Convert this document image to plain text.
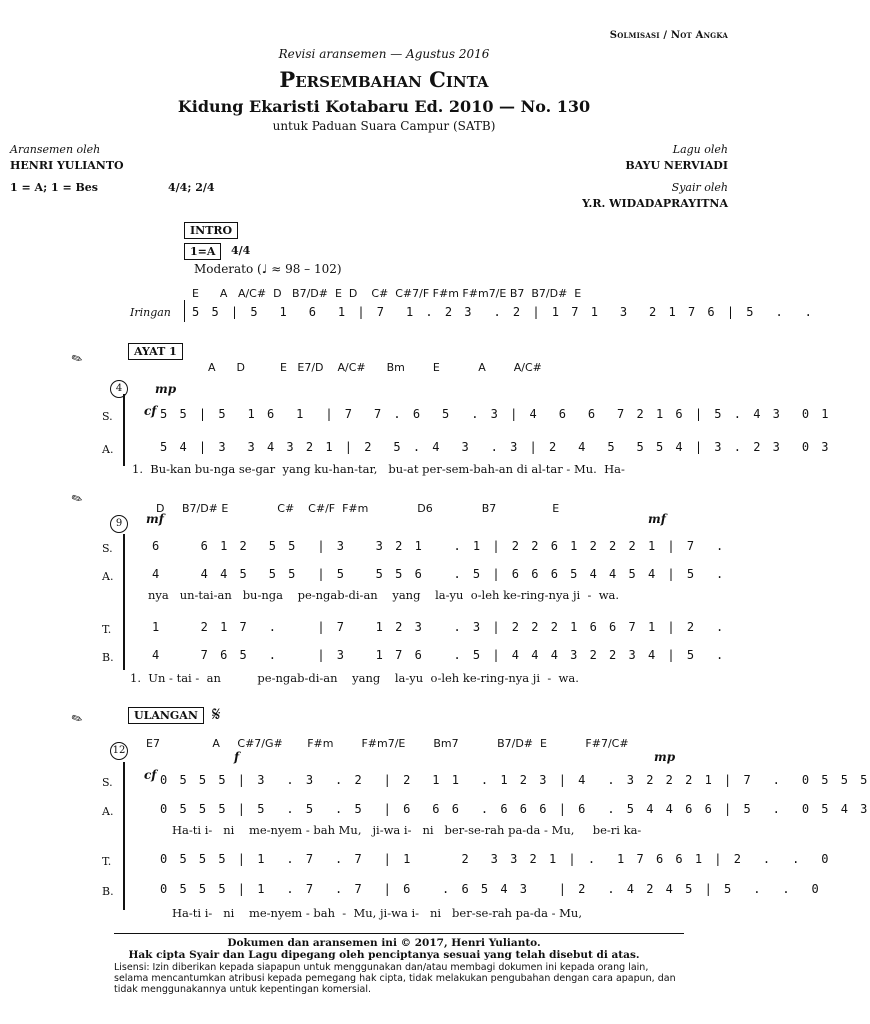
Solmisasi / Not Angka
Revisi aransemen — Agustus 2016
Persembahan Cinta
Kidung Ekaristi Kotabaru Ed. 2010 — No. 130
untuk Paduan Suara Campur (SATB)
Aransemen oleh
HENRI YULIANTO
1 = A; 1 = Bes	4/4; 2/4
Lagu oleh
BAYU NERVIADI
Syair oleh
Y.R. WIDADAPRAYITNA
INTRO
1=A	4/4
Moderato (♩ ≈ 98 – 102)
E      A   A/C#  D   B7/D#  E  D    C#  C#7/F F#m F#m7/E B7  B7/D#  E
Iringan 5 5 | 5  1  6  1 | 7  1 . 2 3  . 2 | 1 7 1  3  2 1 7 6 | 5  .  .
✎	AYAT 1
A      D          E   E7/D    A/C#      Bm        E           A        A/C#
4	mp
cf
S.	5 5 | 5  1 6  1  | 7  7 . 6  5  . 3 | 4  6  6  7 2 1 6 | 5 . 4 3  0 1
A.	5 4 | 3  3 4 3 2 1 | 2  5 . 4  3  . 3 | 2  4  5  5 5 4 | 3 . 2 3  0 3
1.  Bu-kan bu-nga se-gar  yang ku-han-tar,   bu-at per-sem-bah-an di al-tar - Mu.  Ha-
✎	D     B7/D# E              C#    C#/F  F#m              D6              B7                E
9	mf	mf
S.	6    6 1 2  5 5  | 3   3 2 1   . 1 | 2 2 6 1 2 2 2 1 | 7  .
A.	4    4 4 5  5 5  | 5   5 5 6   . 5 | 6 6 6 5 4 4 5 4 | 5  .
nya   un-tai-an   bu-nga    pe-ngab-di-an    yang    la-yu  o-leh ke-ring-nya ji  -  wa.
T.	1    2 1 7  .    | 7   1 2 3   . 3 | 2 2 2 1 6 6 7 1 | 2  .
B.	4    7 6 5  .    | 3   1 7 6   . 5 | 4 4 4 3 2 2 3 4 | 5  .
1.  Un - tai -  an          pe-ngab-di-an    yang    la-yu  o-leh ke-ring-nya ji  -  wa.
✎	ULANGAN 𝄋
E7               A     C#7/G#       F#m        F#m7/E        Bm7           B7/D#  E           F#7/C#
12	f	mp
cf
S.	0 5 5 5 | 3  . 3  . 2  | 2  1 1  . 1 2 3 | 4  . 3 2 2 2 1 | 7  .  0 5 5 5
A.	0 5 5 5 | 5  . 5  . 5  | 6  6 6  . 6 6 6 | 6  . 5 4 4 6 6 | 5  .  0 5 4 3
Ha-ti i-   ni    me-nyem - bah Mu,   ji-wa i-   ni   ber-se-rah pa-da - Mu,     be-ri ka-
T.	0 5 5 5 | 1  . 7  . 7  | 1     2  3 3 2 1 | .  1 7 6 6 1 | 2  .  .  0
B.	0 5 5 5 | 1  . 7  . 7  | 6   . 6 5 4 3   | 2  . 4 2 4 5 | 5  .  .  0
Ha-ti i-   ni    me-nyem - bah  -  Mu, ji-wa i-   ni   ber-se-rah pa-da - Mu,
Dokumen dan aransemen ini © 2017, Henri Yulianto.
Hak cipta Syair dan Lagu dipegang oleh penciptanya sesuai yang telah disebut di atas.
Lisensi: Izin diberikan kepada siapapun untuk menggunakan dan/atau membagi dokumen ini kepada orang lain, selama mencantumkan atribusi kepada pemegang hak cipta, tidak melakukan pengubahan dengan cara apapun, dan tidak menggunakannya untuk kepentingan komersial.
